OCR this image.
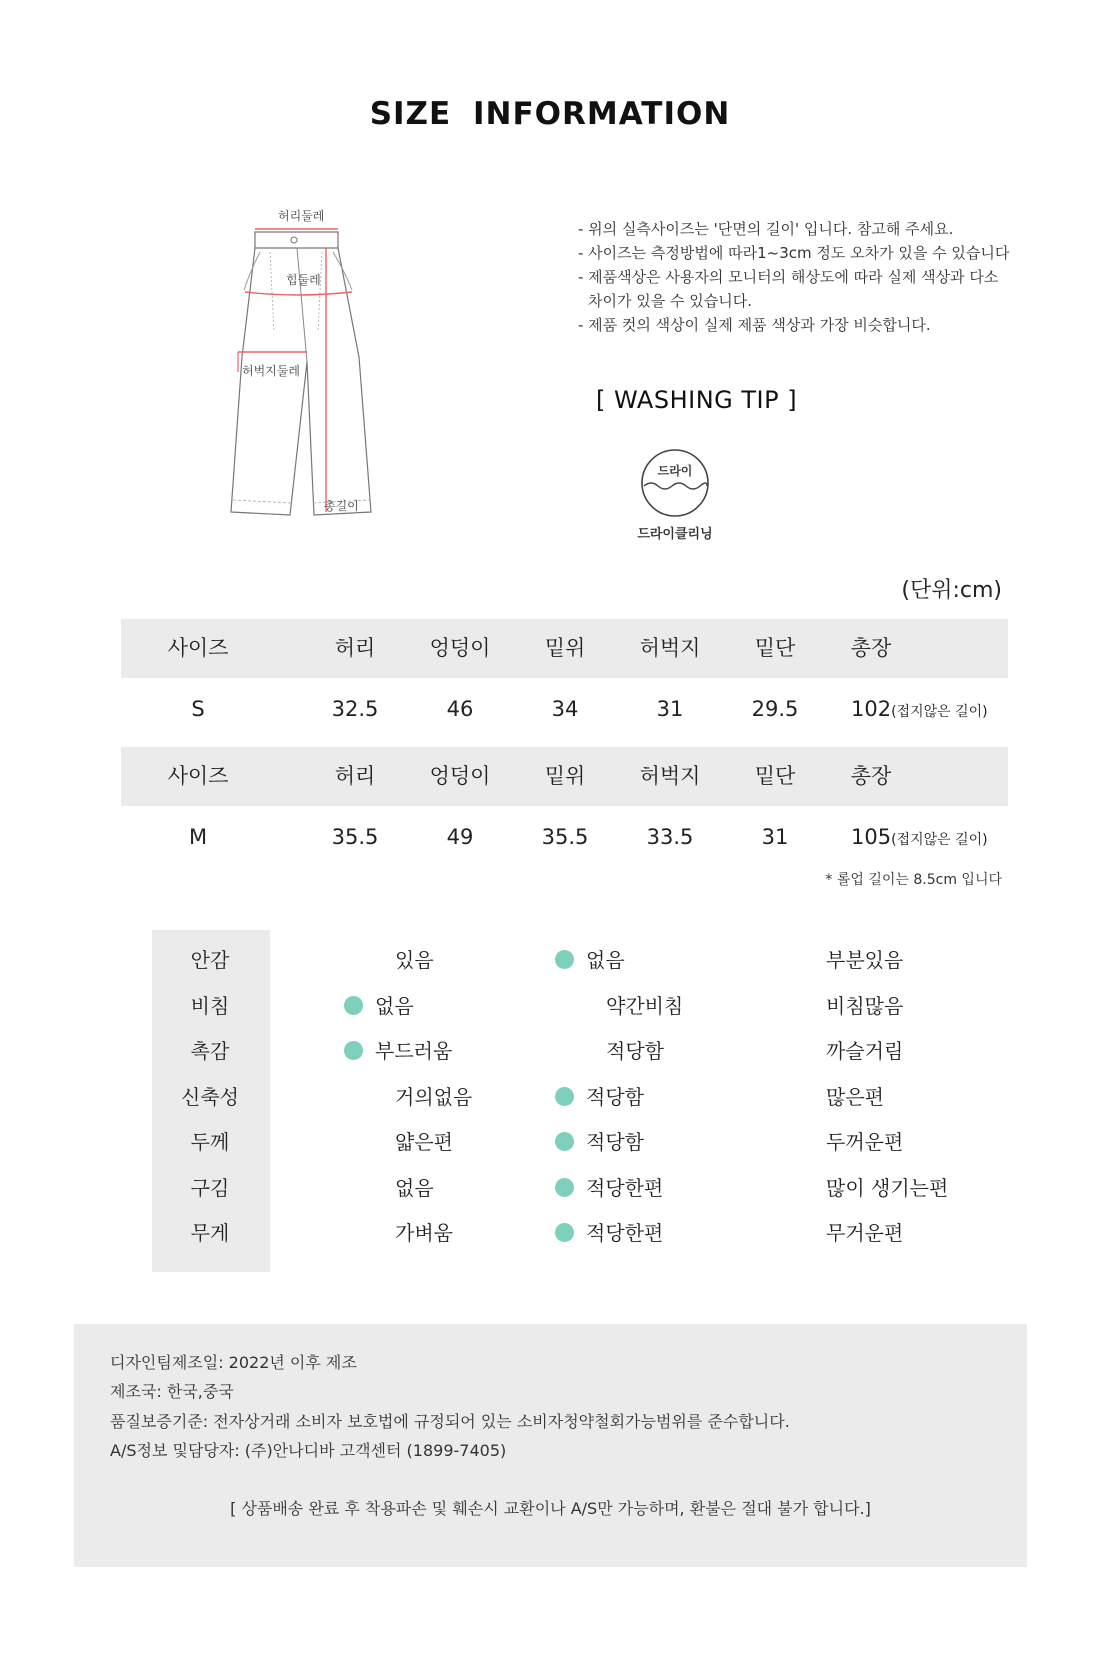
SIZE INFORMATION
허리둘레
힙둘레
허벅지둘레
총길이
- 위의 실측사이즈는 '단면의 길이' 입니다. 참고해 주세요.
- 사이즈는 측정방법에 따라1~3cm 정도 오차가 있을 수 있습니다
- 제품색상은 사용자의 모니터의 해상도에 따라 실제 색상과 다소
차이가 있을 수 있습니다.
- 제품 컷의 색상이 실제 제품 색상과 가장 비슷합니다.
[ WASHING TIP ]
드라이
드라이클리닝
(단위:cm)
사이즈	허리	엉덩이	밑위	허벅지	밑단	총장
S	32.5	46	34	31	29.5	102(접지않은 길이)
사이즈	허리	엉덩이	밑위	허벅지	밑단	총장
M	35.5	49	35.5	33.5	31	105(접지않은 길이)
* 롤업 길이는 8.5cm 입니다
안감	있음	없음	부분있음
비침	없음	약간비침	비침많음
촉감	부드러움	적당함	까슬거림
신축성	거의없음	적당함	많은편
두께	얇은편	적당함	두꺼운편
구김	없음	적당한편	많이 생기는편
무게	가벼움	적당한편	무거운편
디자인팀제조일: 2022년 이후 제조
제조국: 한국,중국
품질보증기준: 전자상거래 소비자 보호법에 규정되어 있는 소비자청약철회가능범위를 준수합니다.
A/S정보 및담당자: (주)안나디바 고객센터 (1899-7405)
[ 상품배송 완료 후 착용파손 및 훼손시 교환이나 A/S만 가능하며, 환불은 절대 불가 합니다.]
